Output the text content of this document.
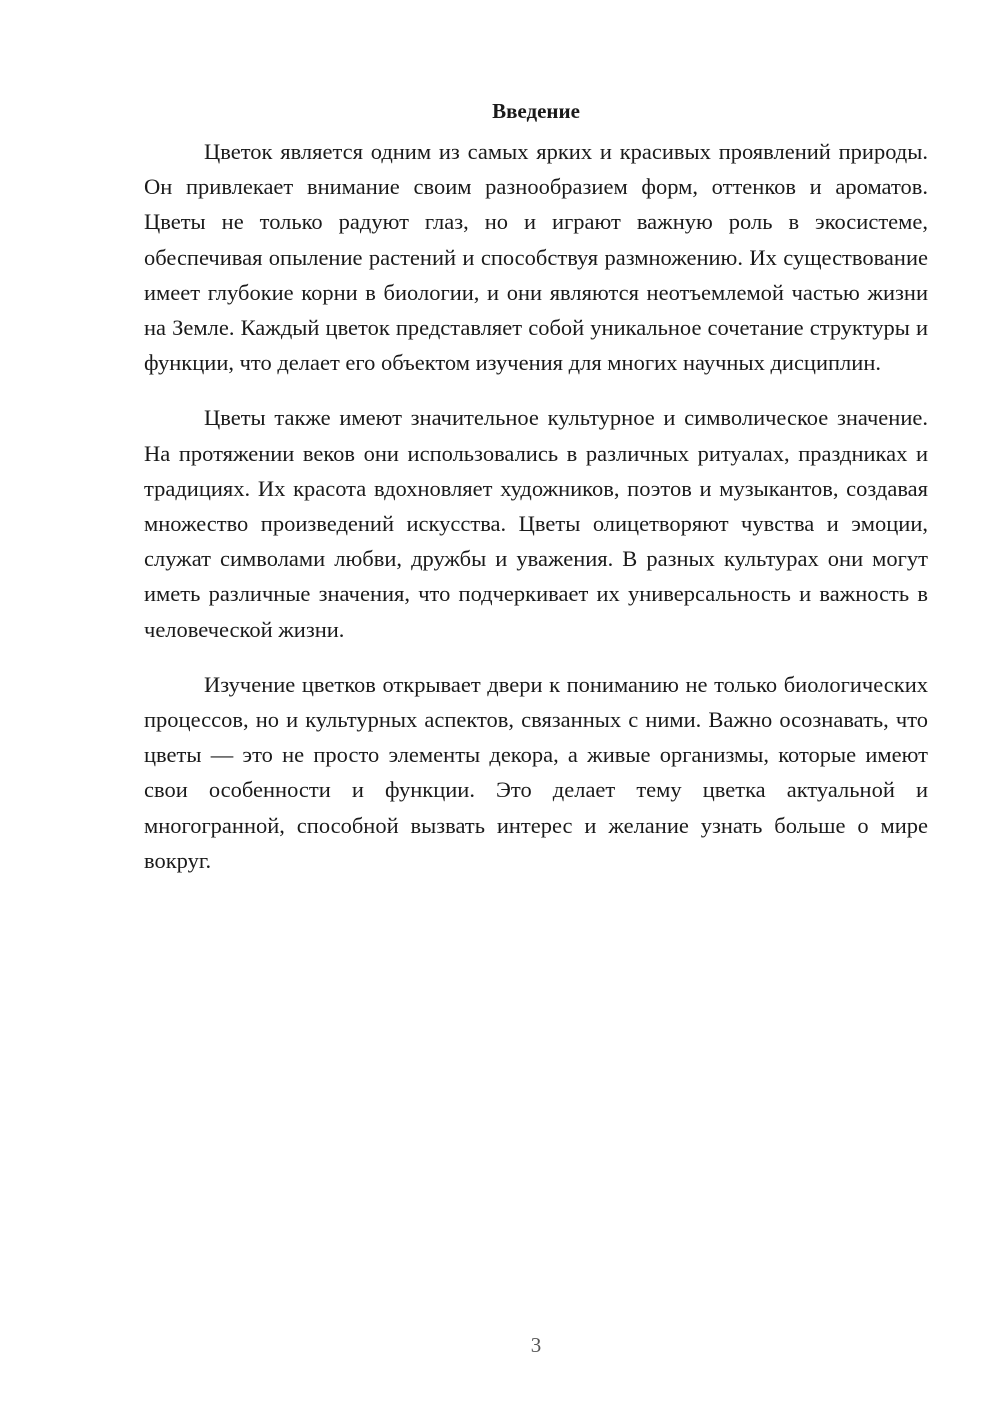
Введение

Цветок является одним из самых ярких и красивых проявлений природы. Он привлекает внимание своим разнообразием форм, оттенков и ароматов. Цветы не только радуют глаз, но и играют важную роль в экосистеме, обеспечивая опыление растений и способствуя размножению. Их существование имеет глубокие корни в биологии, и они являются неотъемлемой частью жизни на Земле. Каждый цветок представляет собой уникальное сочетание структуры и функции, что делает его объектом изучения для многих научных дисциплин.

Цветы также имеют значительное культурное и символическое значение. На протяжении веков они использовались в различных ритуалах, праздниках и традициях. Их красота вдохновляет художников, поэтов и музыкантов, создавая множество произведений искусства. Цветы олицетворяют чувства и эмоции, служат символами любви, дружбы и уважения. В разных культурах они могут иметь различные значения, что подчеркивает их универсальность и важность в человеческой жизни.

Изучение цветков открывает двери к пониманию не только биологических процессов, но и культурных аспектов, связанных с ними. Важно осознавать, что цветы — это не просто элементы декора, а живые организмы, которые имеют свои особенности и функции. Это делает тему цветка актуальной и многогранной, способной вызвать интерес и желание узнать больше о мире вокруг.

3
